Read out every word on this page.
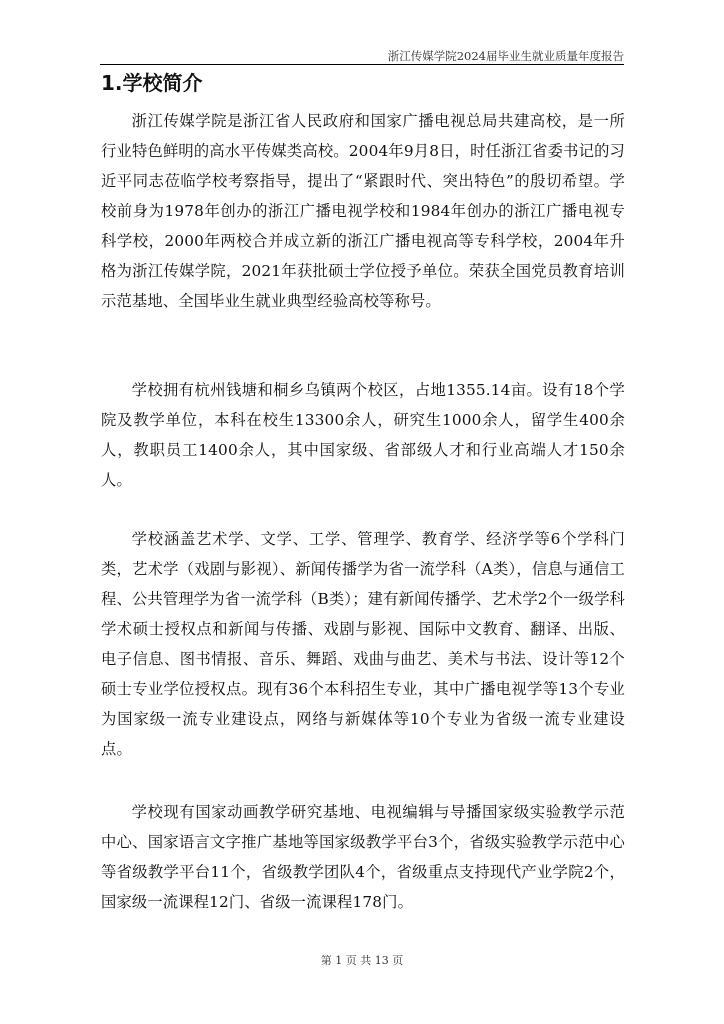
浙江传媒学院2024届毕业生就业质量年度报告
1.学校简介

浙江传媒学院是浙江省人民政府和国家广播电视总局共建高校，是一所行业特色鲜明的高水平传媒类高校。2004年9月8日，时任浙江省委书记的习近平同志莅临学校考察指导，提出了“紧跟时代、突出特色”的殷切希望。学校前身为1978年创办的浙江广播电视学校和1984年创办的浙江广播电视专科学校，2000年两校合并成立新的浙江广播电视高等专科学校，2004年升格为浙江传媒学院，2021年获批硕士学位授予单位。荣获全国党员教育培训示范基地、全国毕业生就业典型经验高校等称号。

学校拥有杭州钱塘和桐乡乌镇两个校区，占地1355.14亩。设有18个学院及教学单位，本科在校生13300余人，研究生1000余人，留学生400余人，教职员工1400余人，其中国家级、省部级人才和行业高端人才150余人。

学校涵盖艺术学、文学、工学、管理学、教育学、经济学等6个学科门类，艺术学（戏剧与影视）、新闻传播学为省一流学科（A类），信息与通信工程、公共管理学为省一流学科（B类）；建有新闻传播学、艺术学2个一级学科学术硕士授权点和新闻与传播、戏剧与影视、国际中文教育、翻译、出版、电子信息、图书情报、音乐、舞蹈、戏曲与曲艺、美术与书法、设计等12个硕士专业学位授权点。现有36个本科招生专业，其中广播电视学等13个专业为国家级一流专业建设点，网络与新媒体等10个专业为省级一流专业建设点。

学校现有国家动画教学研究基地、电视编辑与导播国家级实验教学示范中心、国家语言文字推广基地等国家级教学平台3个，省级实验教学示范中心等省级教学平台11个，省级教学团队4个，省级重点支持现代产业学院2个，国家级一流课程12门、省级一流课程178门。

第 1 页 共 13 页
